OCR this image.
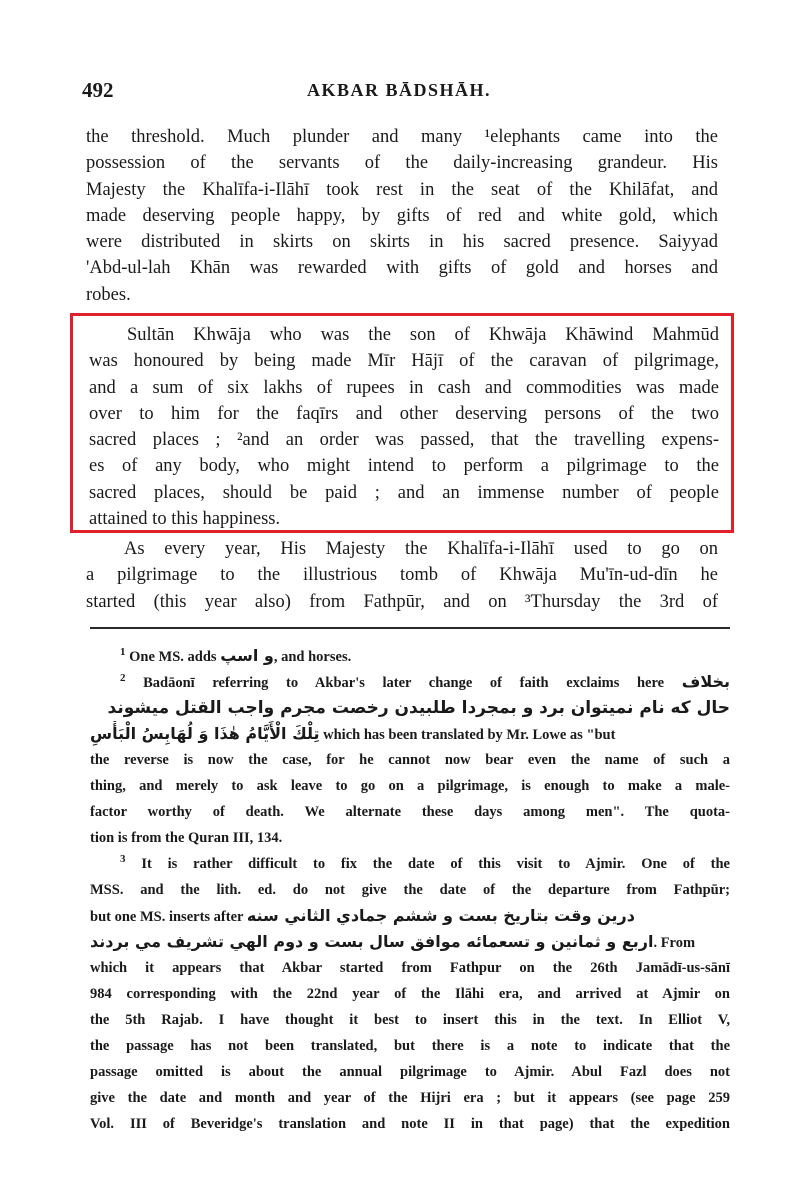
492	AKBAR BĀDSHĀH.
the threshold. Much plunder and many ¹elephants came into the
possession of the servants of the daily-increasing grandeur. His
Majesty the Khalīfa-i-Ilāhī took rest in the seat of the Khilāfat, and
made deserving people happy, by gifts of red and white gold, which
were distributed in skirts on skirts in his sacred presence. Saiyyad
'Abd-ul-lah Khān was rewarded with gifts of gold and horses and
robes.
Sultān Khwāja who was the son of Khwāja Khāwind Mahmūd
was honoured by being made Mīr Hājī of the caravan of pilgrimage,
and a sum of six lakhs of rupees in cash and commodities was made
over to him for the faqīrs and other deserving persons of the two
sacred places ; ²and an order was passed, that the travelling expens-
es of any body, who might intend to perform a pilgrimage to the
sacred places, should be paid ; and an immense number of people
attained to this happiness.
As every year, His Majesty the Khalīfa-i-Ilāhī used to go on
a pilgrimage to the illustrious tomb of Khwāja Mu'īn-ud-dīn he
started (this year also) from Fathpūr, and on ³Thursday the 3rd of
$^1$ One MS. adds و اسپ, and horses.
$^2$ Badāonī referring to Akbar's later change of faith exclaims here بخلاف
حال که نام نمیتوان برد و بمجردا طلبیدن رخصت مجرم واجب القتل میشوند
تِلْكَ الْأَيَّامُ هٰذَا وَ لُهَابِسُ الْبَأْسِ which has been translated by Mr. Lowe as "but
the reverse is now the case, for he cannot now bear even the name of such a
thing, and merely to ask leave to go on a pilgrimage, is enough to make a male-
factor worthy of death. We alternate these days among men". The quota-
tion is from the Quran III, 134.
$^3$ It is rather difficult to fix the date of this visit to Ajmir. One of the
MSS. and the lith. ed. do not give the date of the departure from Fathpūr;
but one MS. inserts after درین وقت بتاریخ بست و ششم جمادي الثاني سنه
اربع و ثمانين و تسعمائه موافق سال بست و دوم الهي تشريف مي بردند. From
which it appears that Akbar started from Fathpur on the 26th Jamādī-us-sānī
984 corresponding with the 22nd year of the Ilāhi era, and arrived at Ajmir on
the 5th Rajab. I have thought it best to insert this in the text. In Elliot V,
the passage has not been translated, but there is a note to indicate that the
passage omitted is about the annual pilgrimage to Ajmir. Abul Fazl does not
give the date and month and year of the Hijri era ; but it appears (see page 259
Vol. III of Beveridge's translation and note II in that page) that the expedition
